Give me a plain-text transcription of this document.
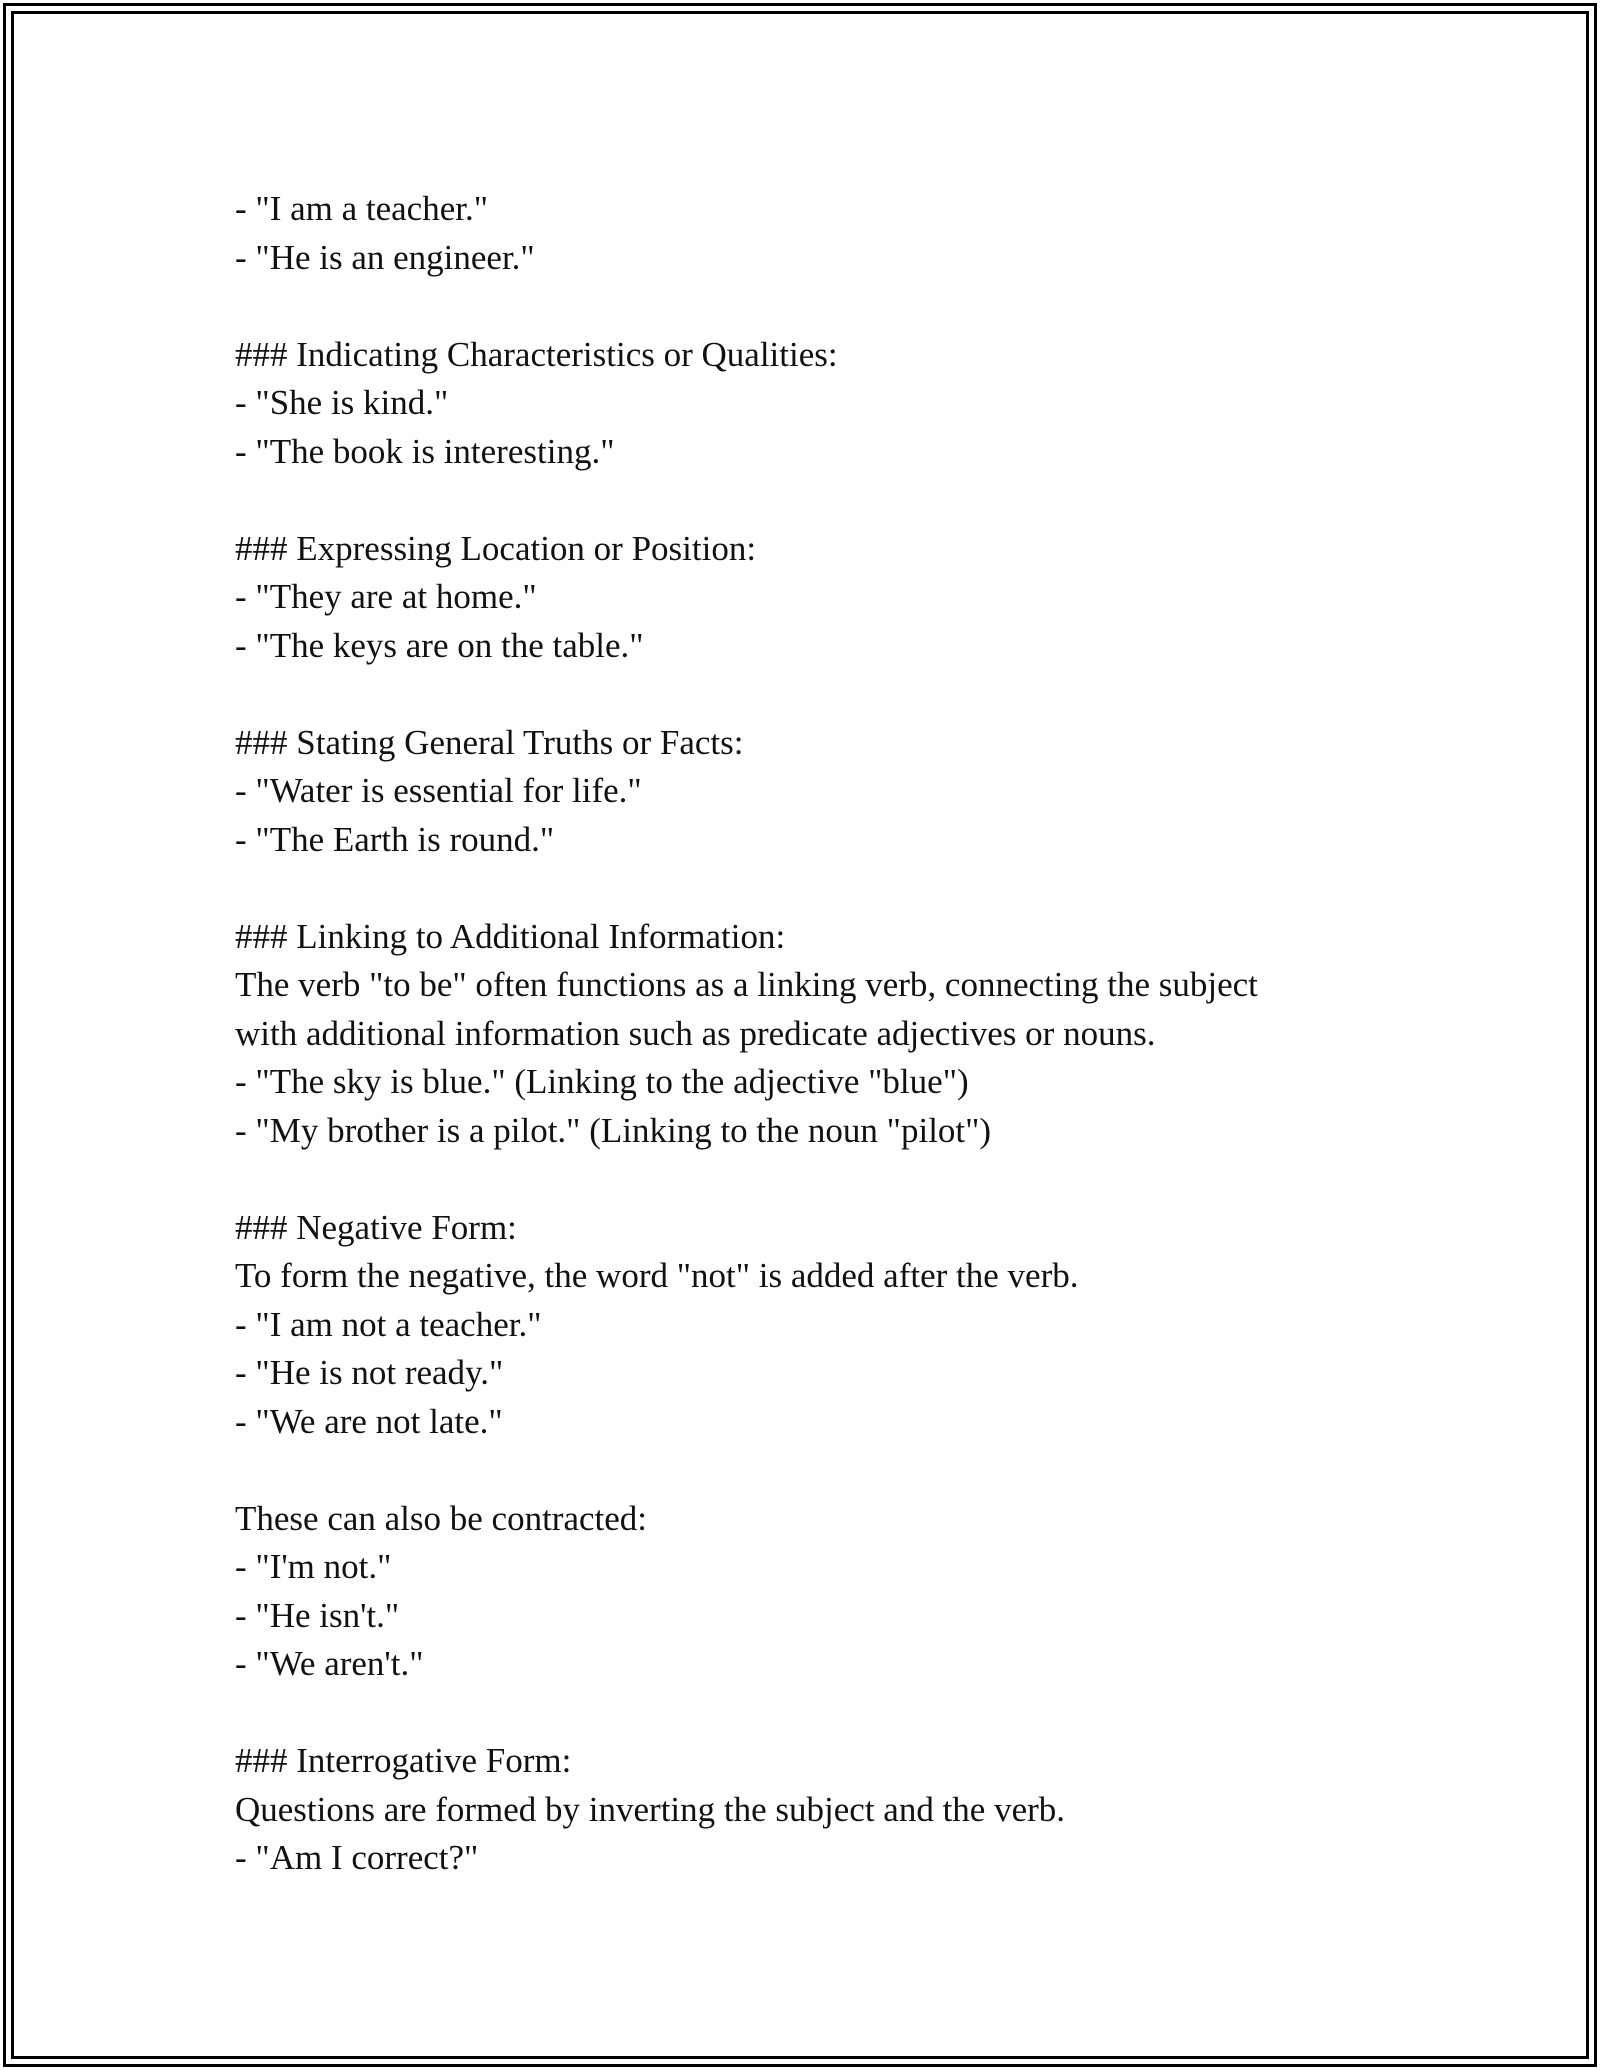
- "I am a teacher."
- "He is an engineer."
### Indicating Characteristics or Qualities:
- "She is kind."
- "The book is interesting."
### Expressing Location or Position:
- "They are at home."
- "The keys are on the table."
### Stating General Truths or Facts:
- "Water is essential for life."
- "The Earth is round."
### Linking to Additional Information:
The verb "to be" often functions as a linking verb, connecting the subject
with additional information such as predicate adjectives or nouns.
- "The sky is blue." (Linking to the adjective "blue")
- "My brother is a pilot." (Linking to the noun "pilot")
### Negative Form:
To form the negative, the word "not" is added after the verb.
- "I am not a teacher."
- "He is not ready."
- "We are not late."
These can also be contracted:
- "I'm not."
- "He isn't."
- "We aren't."
### Interrogative Form:
Questions are formed by inverting the subject and the verb.
- "Am I correct?"
